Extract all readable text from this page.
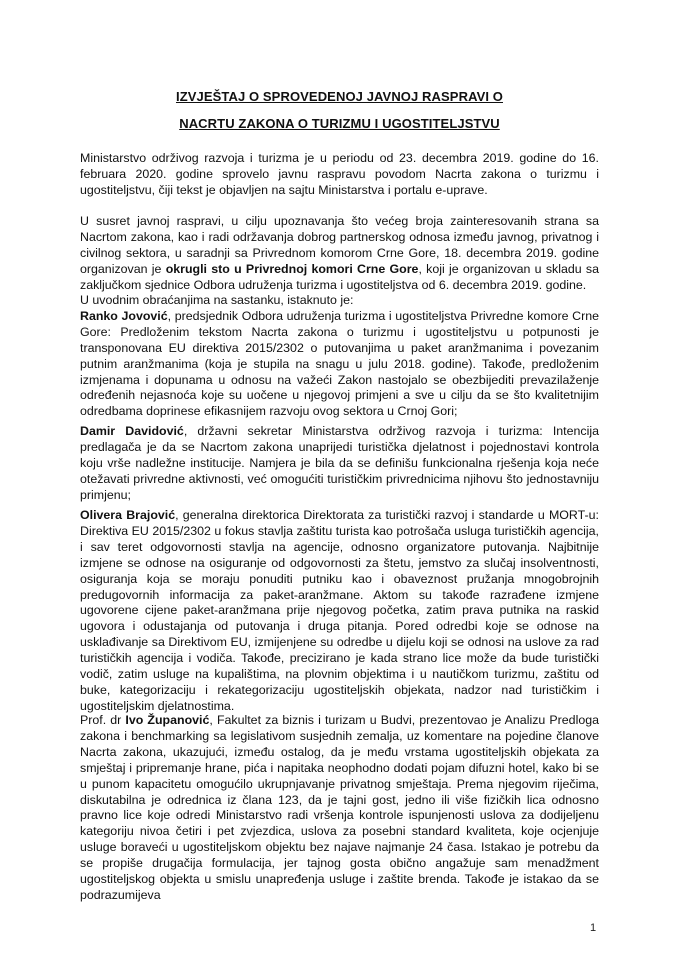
IZVJEŠTAJ O SPROVEDENOJ JAVNOJ RASPRAVI O
NACRTU ZAKONA O TURIZMU I UGOSTITELJSTVU

Ministarstvo održivog razvoja i turizma je u periodu od 23. decembra 2019. godine do 16. februara 2020. godine sprovelo javnu raspravu povodom Nacrta zakona o turizmu i ugostiteljstvu, čiji tekst je objavljen na sajtu Ministarstva i portalu e-uprave.

U susret javnoj raspravi, u cilju upoznavanja što većeg broja zainteresovanih strana sa Nacrtom zakona, kao i radi održavanja dobrog partnerskog odnosa između javnog, privatnog i civilnog sektora, u saradnji sa Privrednom komorom Crne Gore, 18. decembra 2019. godine organizovan je okrugli sto u Privrednoj komori Crne Gore, koji je organizovan u skladu sa zaključkom sjednice Odbora udruženja turizma i ugostiteljstva od 6. decembra 2019. godine.

U uvodnim obraćanjima na sastanku, istaknuto je:
Ranko Jovović, predsjednik Odbora udruženja turizma i ugostiteljstva Privredne komore Crne Gore: Predloženim tekstom Nacrta zakona o turizmu i ugostiteljstvu u potpunosti je transponovana EU direktiva 2015/2302 o putovanjima u paket aranžmanima i povezanim putnim aranžmanima (koja je stupila na snagu u julu 2018. godine). Takođe, predloženim izmjenama i dopunama u odnosu na važeći Zakon nastojalo se obezbijediti prevazilaženje određenih nejasnoća koje su uočene u njegovoj primjeni a sve u cilju da se što kvalitetnijim odredbama doprinese efikasnijem razvoju ovog sektora u Crnoj Gori;

Damir Davidović, državni sekretar Ministarstva održivog razvoja i turizma: Intencija predlagača je da se Nacrtom zakona unaprijedi turistička djelatnost i pojednostavi kontrola koju vrše nadležne institucije. Namjera je bila da se definišu funkcionalna rješenja koja neće otežavati privredne aktivnosti, već omogućiti turističkim privrednicima njihovu što jednostavniju primjenu;

Olivera Brajović, generalna direktorica Direktorata za turistički razvoj i standarde u MORT-u: Direktiva EU 2015/2302 u fokus stavlja zaštitu turista kao potrošača usluga turističkih agencija, i sav teret odgovornosti stavlja na agencije, odnosno organizatore putovanja. Najbitnije izmjene se odnose na osiguranje od odgovornosti za štetu, jemstvo za slučaj insolventnosti, osiguranja koja se moraju ponuditi putniku kao i obaveznost pružanja mnogobrojnih predugovornih informacija za paket-aranžmane. Aktom su takođe razrađene izmjene ugovorene cijene paket-aranžmana prije njegovog početka, zatim prava putnika na raskid ugovora i odustajanja od putovanja i druga pitanja. Pored odredbi koje se odnose na usklađivanje sa Direktivom EU, izmijenjene su odredbe u dijelu koji se odnosi na uslove za rad turističkih agencija i vodiča. Takođe, precizirano je kada strano lice može da bude turistički vodič, zatim usluge na kupalištima, na plovnim objektima i u nautičkom turizmu, zaštitu od buke, kategorizaciju i rekategorizaciju ugostiteljskih objekata, nadzor nad turističkim i ugostiteljskim djelatnostima.

Prof. dr Ivo Županović, Fakultet za biznis i turizam u Budvi, prezentovao je Analizu Predloga zakona i benchmarking sa legislativom susjednih zemalja, uz komentare na pojedine članove Nacrta zakona, ukazujući, između ostalog, da je među vrstama ugostiteljskih objekata za smještaj i pripremanje hrane, pića i napitaka neophodno dodati pojam difuzni hotel, kako bi se u punom kapacitetu omogućilo ukrupnjavanje privatnog smještaja. Prema njegovim riječima, diskutabilna je odrednica iz člana 123, da je tajni gost, jedno ili više fizičkih lica odnosno pravno lice koje odredi Ministarstvo radi vršenja kontrole ispunjenosti uslova za dodijeljenu kategoriju nivoa četiri i pet zvjezdica, uslova za posebni standard kvaliteta, koje ocjenjuje usluge boraveći u ugostiteljskom objektu bez najave najmanje 24 časa. Istakao je potrebu da se propiše drugačija formulacija, jer tajnog gosta obično angažuje sam menadžment ugostiteljskog objekta u smislu unapređenja usluge i zaštite brenda. Takođe je istakao da se podrazumijeva

1
